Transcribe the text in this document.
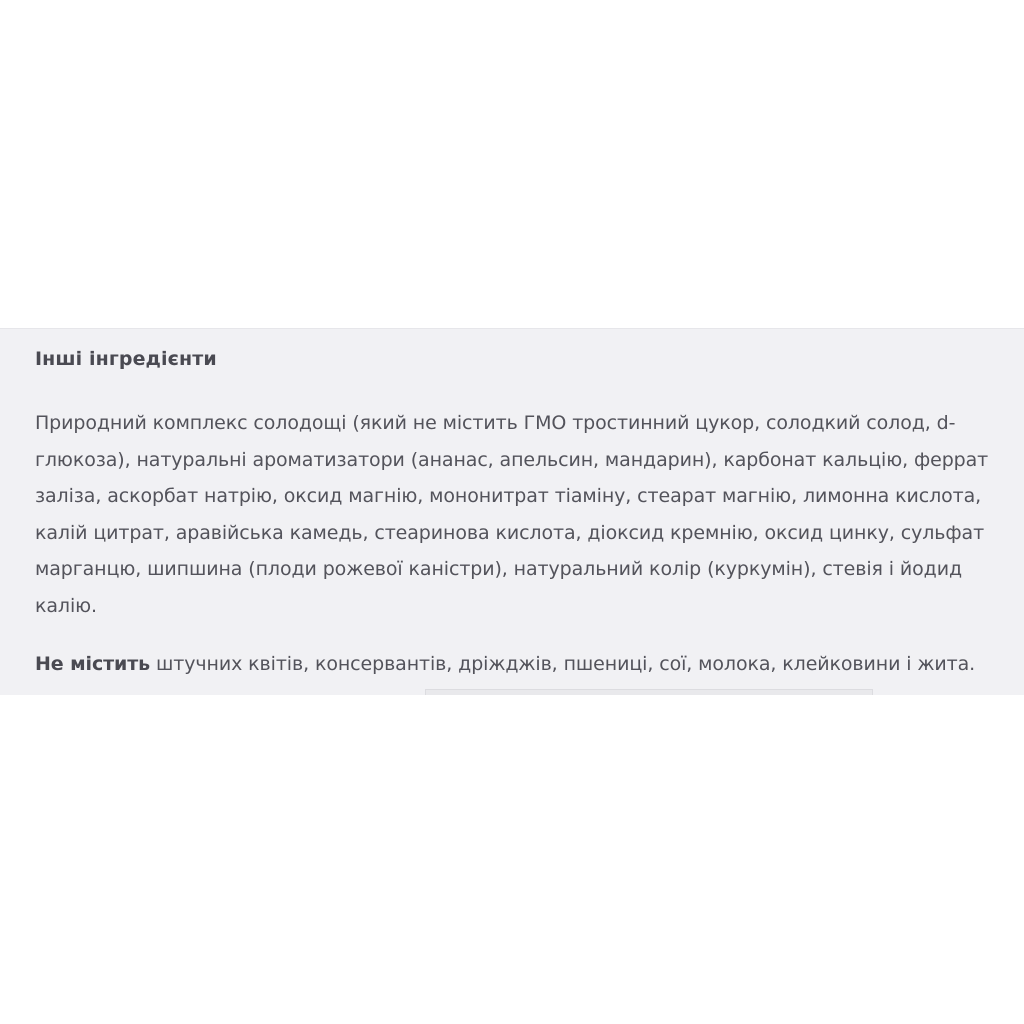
Інші інгредієнти

Природний комплекс солодощі (який не містить ГМО тростинний цукор, солодкий солод, d-глюкоза), натуральні ароматизатори (ананас, апельсин, мандарин), карбонат кальцію, феррат заліза, аскорбат натрію, оксид магнію, мононитрат тіаміну, стеарат магнію, лимонна кислота, калій цитрат, аравійська камедь, стеаринова кислота, діоксид кремнію, оксид цинку, сульфат марганцю, шипшина (плоди рожевої каністри), натуральний колір (куркумін), стевія і йодид калію.

Не містить штучних квітів, консервантів, дріжджів, пшениці, сої, молока, клейковини і жита.
